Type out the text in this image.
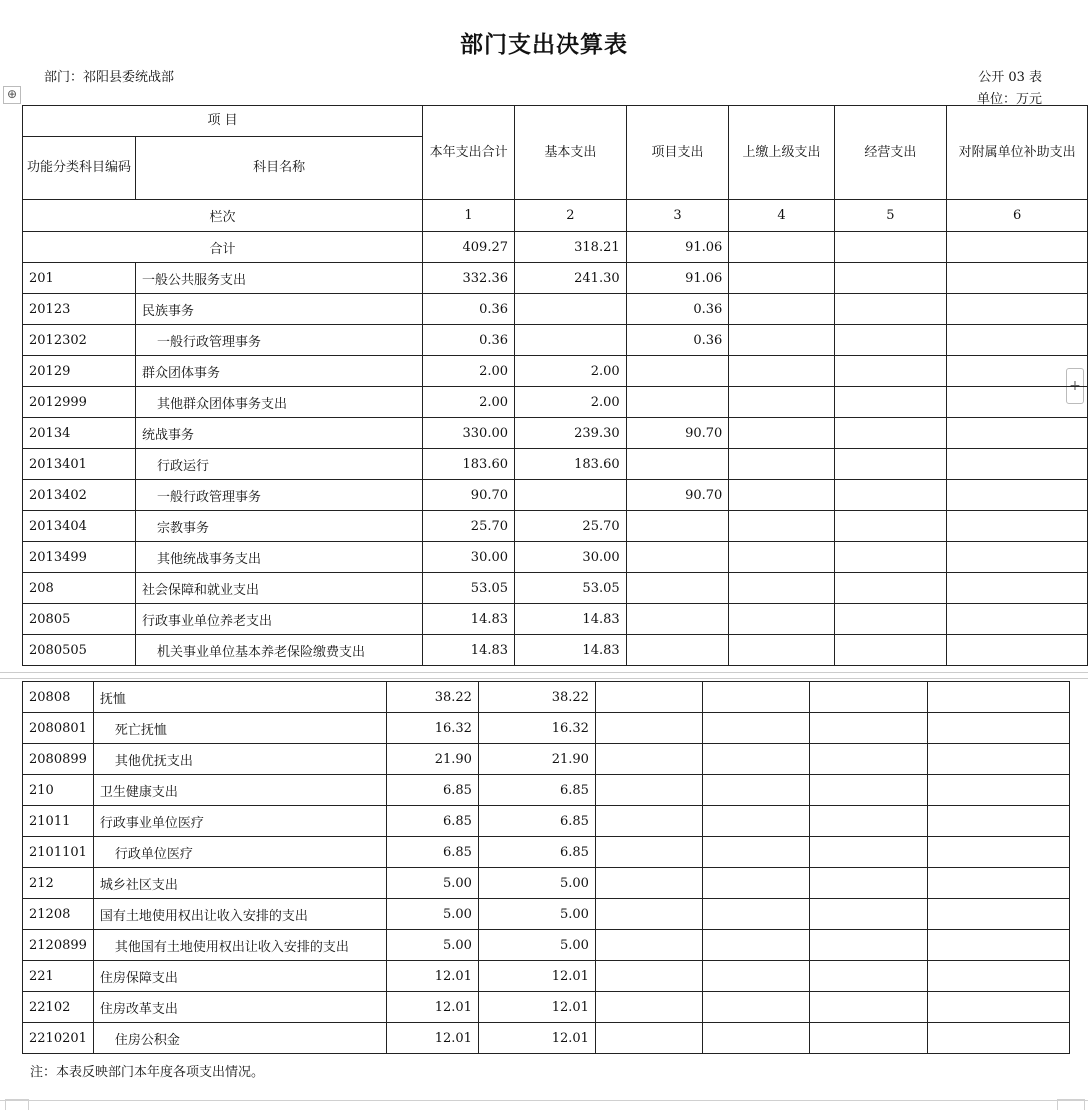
部门支出决算表
部门：祁阳县委统战部	公开 03 表
单位：万元
⊕
+
项 目		本年支出合计	基本支出	项目支出	上缴上级支出	经营支出	对附属单位补助支出
功能分类科目编码	科目名称						
栏次		1	2	3	4	5	6
合计		409.27	318.21	91.06			
201	一般公共服务支出	332.36	241.30	91.06			
20123	民族事务	0.36		0.36			
2012302	一般行政管理事务	0.36		0.36			
20129	群众团体事务	2.00	2.00				
2012999	其他群众团体事务支出	2.00	2.00				
20134	统战事务	330.00	239.30	90.70			
2013401	行政运行	183.60	183.60				
2013402	一般行政管理事务	90.70		90.70			
2013404	宗教事务	25.70	25.70				
2013499	其他统战事务支出	30.00	30.00				
208	社会保障和就业支出	53.05	53.05				
20805	行政事业单位养老支出	14.83	14.83				
2080505	机关事业单位基本养老保险缴费支出	14.83	14.83				
20808	抚恤	38.22	38.22				
2080801	死亡抚恤	16.32	16.32				
2080899	其他优抚支出	21.90	21.90				
210	卫生健康支出	6.85	6.85				
21011	行政事业单位医疗	6.85	6.85				
2101101	行政单位医疗	6.85	6.85				
212	城乡社区支出	5.00	5.00				
21208	国有土地使用权出让收入安排的支出	5.00	5.00				
2120899	其他国有土地使用权出让收入安排的支出	5.00	5.00				
221	住房保障支出	12.01	12.01				
22102	住房改革支出	12.01	12.01				
2210201	住房公积金	12.01	12.01				
注：本表反映部门本年度各项支出情况。
